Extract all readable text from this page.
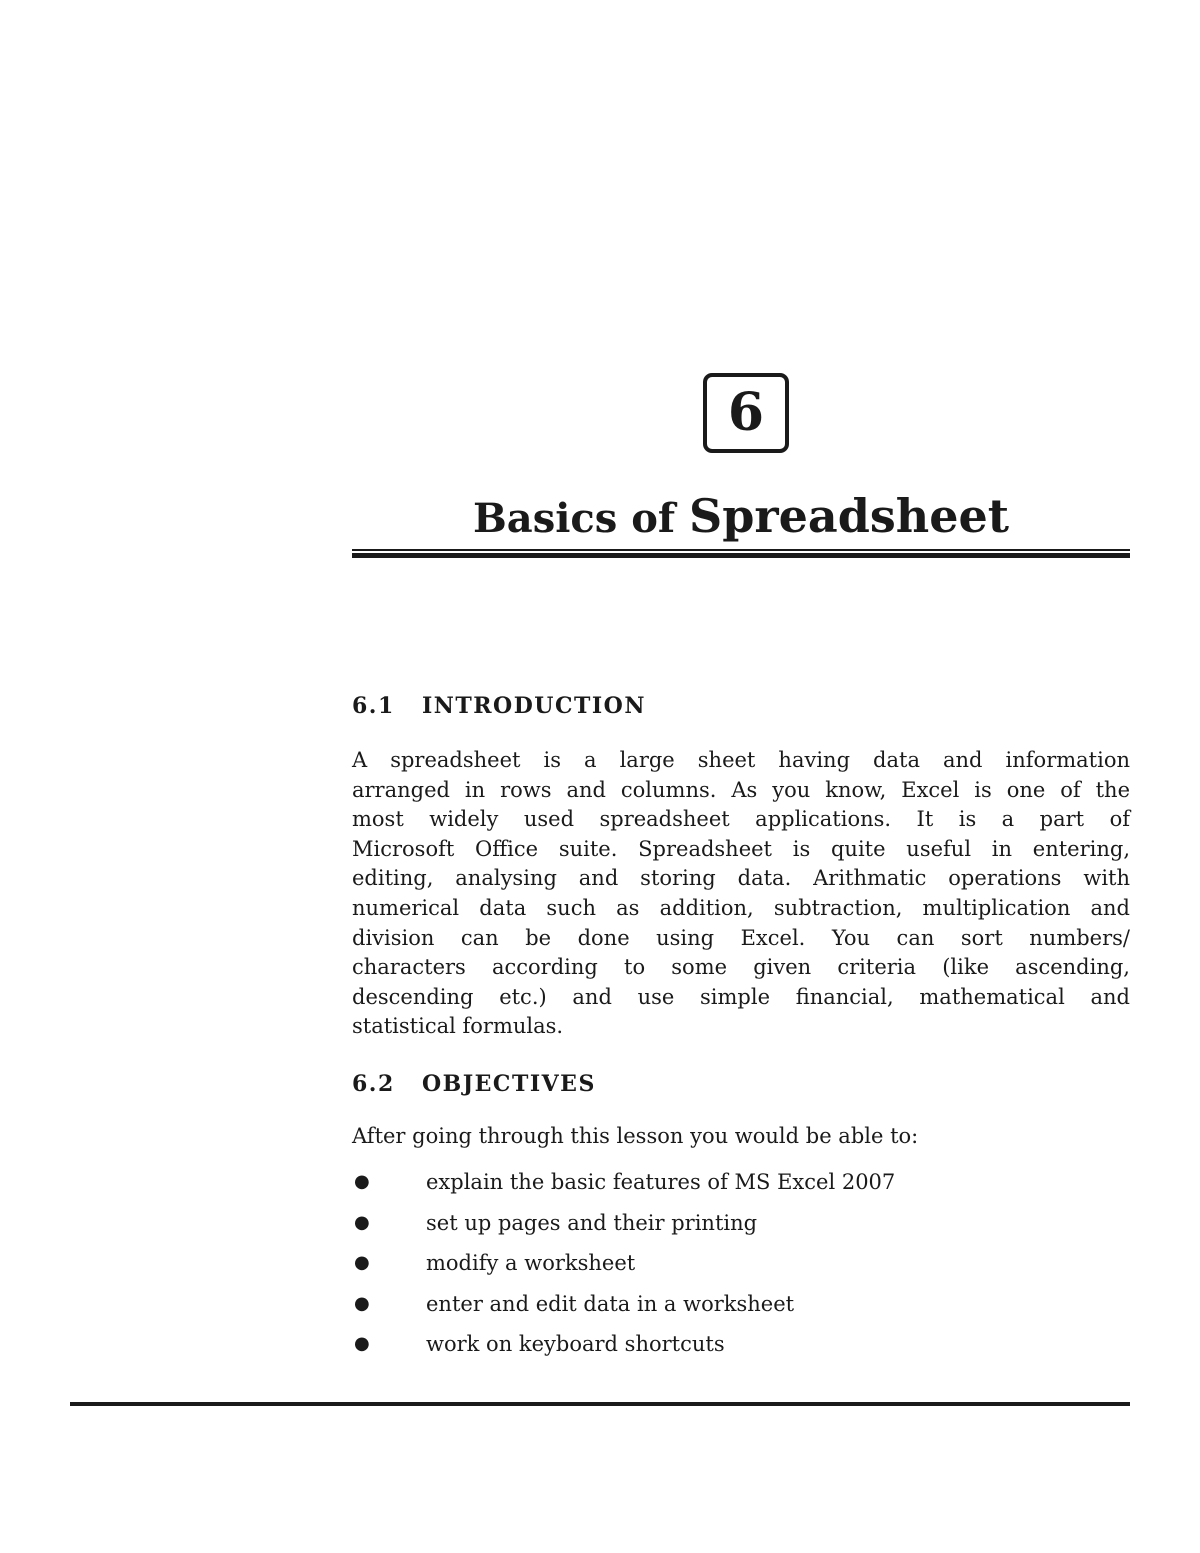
6
Basics of Spreadsheet
6.1 INTRODUCTION
A spreadsheet is a large sheet having data and information
arranged in rows and columns. As you know, Excel is one of the
most widely used spreadsheet applications. It is a part of
Microsoft Office suite. Spreadsheet is quite useful in entering,
editing, analysing and storing data. Arithmatic operations with
numerical data such as addition, subtraction, multiplication and
division can be done using Excel. You can sort numbers/
characters according to some given criteria (like ascending,
descending etc.) and use simple financial, mathematical and
statistical formulas.
6.2 OBJECTIVES
After going through this lesson you would be able to:
●	explain the basic features of MS Excel 2007
●	set up pages and their printing
●	modify a worksheet
●	enter and edit data in a worksheet
●	work on keyboard shortcuts
